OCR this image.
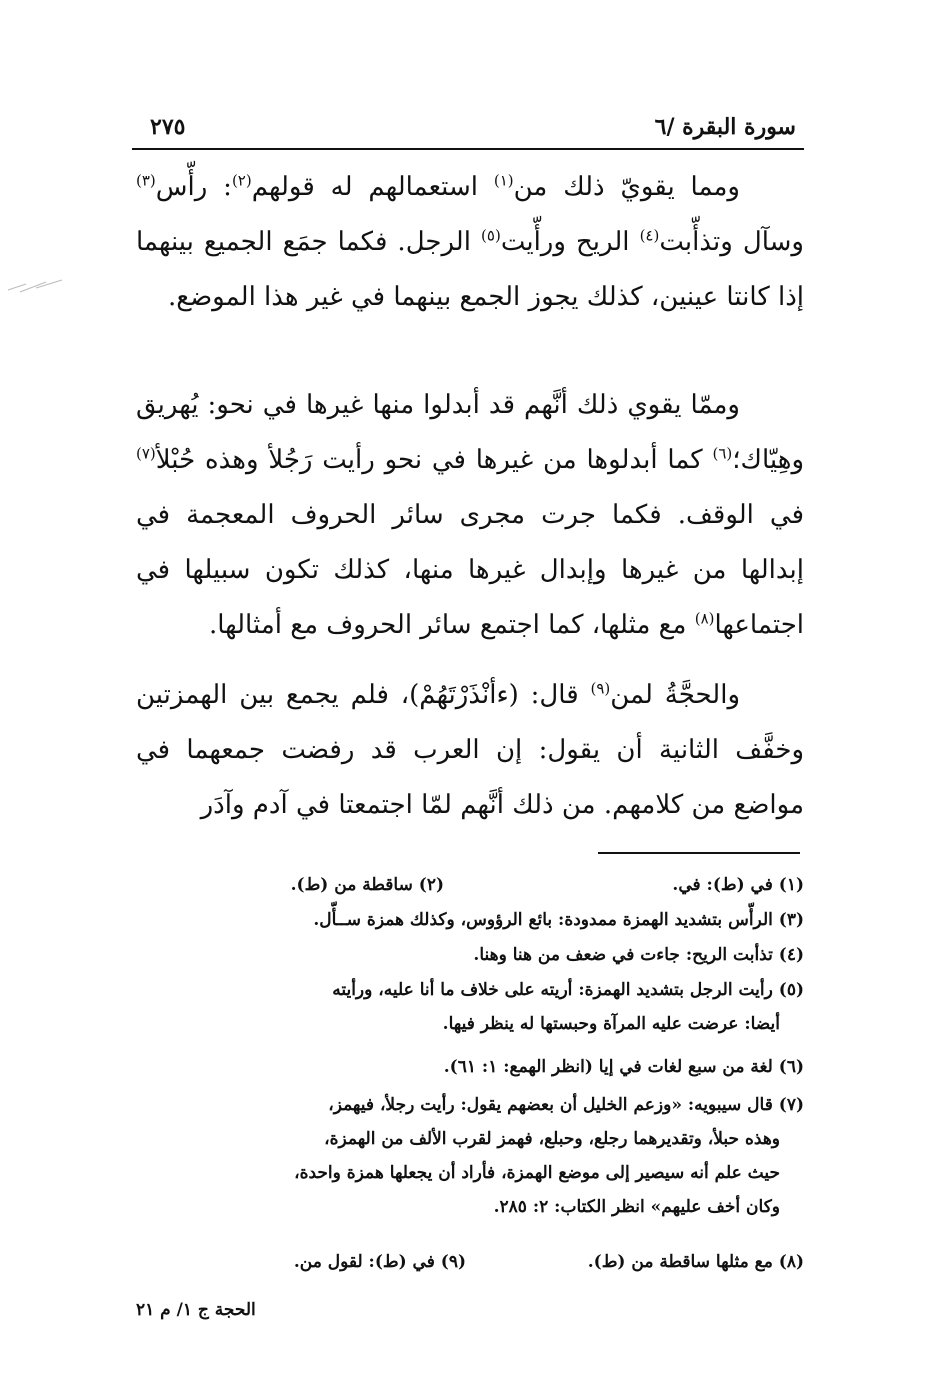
سورة البقرة /٦
٢٧٥

ومما يقويّ ذلك من$^{(١)}$ استعمالهم له قولهم$^{(٢)}$: رأّس$^{(٣)}$ وسآل وتذأّبت$^{(٤)}$ الريح ورأّيت$^{(٥)}$ الرجل. فكما جمَع الجميع بينهما إذا كانتا عينين، كذلك يجوز الجمع بينهما في غير هذا الموضع.

وممّا يقوي ذلك أنَّهم قد أبدلوا منها غيرها في نحو: يُهريق وهِيّاك؛$^{(٦)}$ كما أبدلوها من غيرها في نحو رأيت رَجُلأ وهذه حُبْلأ$^{(٧)}$ في الوقف. فكما جرت مجرى سائر الحروف المعجمة في إبدالها من غيرها وإبدال غيرها منها، كذلك تكون سبيلها في اجتماعها$^{(٨)}$ مع مثلها، كما اجتمع سائر الحروف مع أمثالها.

والحجَّةُ لمن$^{(٩)}$ قال: (ءأنْذَرْتَهُمْ)، فلم يجمع بين الهمزتين وخفَّف الثانية أن يقول: إن العرب قد رفضت جمعهما في مواضع من كلامهم. من ذلك أنَّهم لمّا اجتمعتا في آدم وآدَر

(١) في (ط): في.
(٢) ساقطة من (ط).
(٣) الرأّس بتشديد الهمزة ممدودة: بائع الرؤوس، وكذلك همزة ســأّل.
(٤) تذأبت الريح: جاءت في ضعف من هنا وهنا.
(٥) رأيت الرجل بتشديد الهمزة: أريته على خلاف ما أنا عليه، ورأيته
أيضا: عرضت عليه المرآة وحبستها له ينظر فيها.
(٦) لغة من سبع لغات في إيا (انظر الهمع: ١: ٦١).
(٧) قال سيبويه: «وزعم الخليل أن بعضهم يقول: رأيت رجلأ، فيهمز،
وهذه حبلأ، وتقديرهما رجلع، وحبلع، فهمز لقرب الألف من الهمزة،
حيث علم أنه سيصير إلى موضع الهمزة، فأراد أن يجعلها همزة واحدة،
وكان أخف عليهم» انظر الكتاب: ٢: ٢٨٥.
(٨) مع مثلها ساقطة من (ط).
(٩) في (ط): لقول من.
الحجة ج ١/ م ٢١
